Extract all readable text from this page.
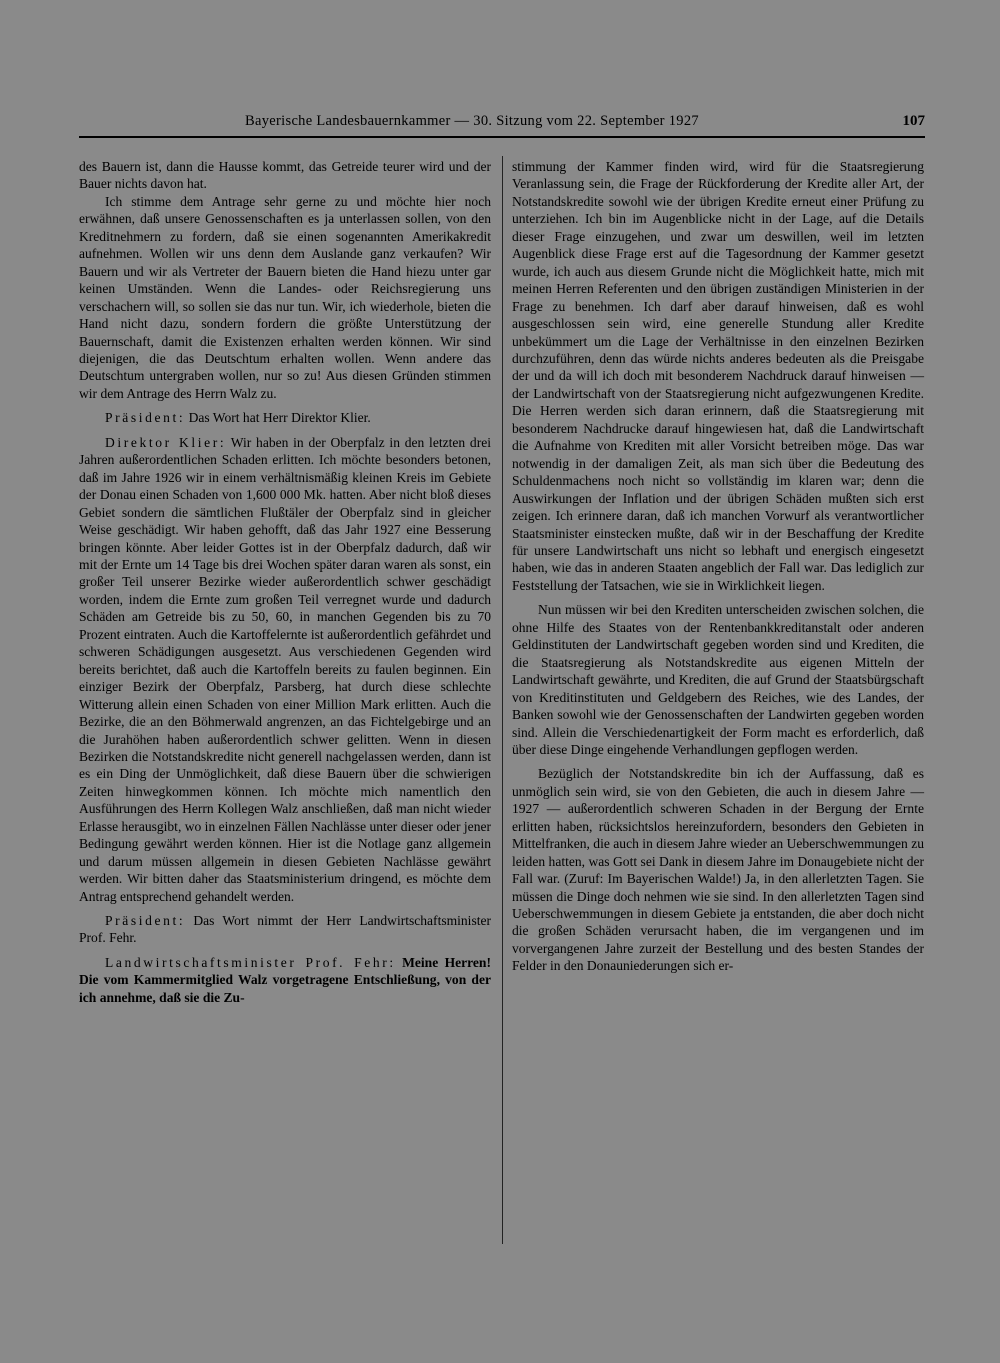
Bayerische Landesbauernkammer — 30. Sitzung vom 22. September 1927	107

des Bauern ist, dann die Hausse kommt, das Getreide teurer wird und der Bauer nichts davon hat.

Ich stimme dem Antrage sehr gerne zu und möchte hier noch erwähnen, daß unsere Genossenschaften es ja unterlassen sollen, von den Kreditnehmern zu fordern, daß sie einen sogenannten Amerikakredit aufnehmen. Wollen wir uns denn dem Auslande ganz verkaufen? Wir Bauern und wir als Vertreter der Bauern bieten die Hand hiezu unter gar keinen Umständen. Wenn die Landes- oder Reichsregierung uns verschachern will, so sollen sie das nur tun. Wir, ich wiederhole, bieten die Hand nicht dazu, sondern fordern die größte Unterstützung der Bauernschaft, damit die Existenzen erhalten werden können. Wir sind diejenigen, die das Deutschtum erhalten wollen. Wenn andere das Deutschtum untergraben wollen, nur so zu! Aus diesen Gründen stimmen wir dem Antrage des Herrn Walz zu.

Präsident: Das Wort hat Herr Direktor Klier.

Direktor Klier: Wir haben in der Oberpfalz in den letzten drei Jahren außerordentlichen Schaden erlitten. Ich möchte besonders betonen, daß im Jahre 1926 wir in einem verhältnismäßig kleinen Kreis im Gebiete der Donau einen Schaden von 1,600 000 Mk. hatten. Aber nicht bloß dieses Gebiet sondern die sämtlichen Flußtäler der Oberpfalz sind in gleicher Weise geschädigt. Wir haben gehofft, daß das Jahr 1927 eine Besserung bringen könnte. Aber leider Gottes ist in der Oberpfalz dadurch, daß wir mit der Ernte um 14 Tage bis drei Wochen später daran waren als sonst, ein großer Teil unserer Bezirke wieder außerordentlich schwer geschädigt worden, indem die Ernte zum großen Teil verregnet wurde und dadurch Schäden am Getreide bis zu 50, 60, in manchen Gegenden bis zu 70 Prozent eintraten. Auch die Kartoffelernte ist außerordentlich gefährdet und schweren Schädigungen ausgesetzt. Aus verschiedenen Gegenden wird bereits berichtet, daß auch die Kartoffeln bereits zu faulen beginnen. Ein einziger Bezirk der Oberpfalz, Parsberg, hat durch diese schlechte Witterung allein einen Schaden von einer Million Mark erlitten. Auch die Bezirke, die an den Böhmerwald angrenzen, an das Fichtelgebirge und an die Jurahöhen haben außerordentlich schwer gelitten. Wenn in diesen Bezirken die Notstandskredite nicht generell nachgelassen werden, dann ist es ein Ding der Unmöglichkeit, daß diese Bauern über die schwierigen Zeiten hinwegkommen können. Ich möchte mich namentlich den Ausführungen des Herrn Kollegen Walz anschließen, daß man nicht wieder Erlasse herausgibt, wo in einzelnen Fällen Nachlässe unter dieser oder jener Bedingung gewährt werden können. Hier ist die Notlage ganz allgemein und darum müssen allgemein in diesen Gebieten Nachlässe gewährt werden. Wir bitten daher das Staatsministerium dringend, es möchte dem Antrag entsprechend gehandelt werden.

Präsident: Das Wort nimmt der Herr Landwirtschaftsminister Prof. Fehr.

Landwirtschaftsminister Prof. Fehr: Meine Herren! Die vom Kammermitglied Walz vorgetragene Entschließung, von der ich annehme, daß sie die Zu-

stimmung der Kammer finden wird, wird für die Staatsregierung Veranlassung sein, die Frage der Rückforderung der Kredite aller Art, der Notstandskredite sowohl wie der übrigen Kredite erneut einer Prüfung zu unterziehen. Ich bin im Augenblicke nicht in der Lage, auf die Details dieser Frage einzugehen, und zwar um deswillen, weil im letzten Augenblick diese Frage erst auf die Tagesordnung der Kammer gesetzt wurde, ich auch aus diesem Grunde nicht die Möglichkeit hatte, mich mit meinen Herren Referenten und den übrigen zuständigen Ministerien in der Frage zu benehmen. Ich darf aber darauf hinweisen, daß es wohl ausgeschlossen sein wird, eine generelle Stundung aller Kredite unbekümmert um die Lage der Verhältnisse in den einzelnen Bezirken durchzuführen, denn das würde nichts anderes bedeuten als die Preisgabe der und da will ich doch mit besonderem Nachdruck darauf hinweisen — der Landwirtschaft von der Staatsregierung nicht aufgezwungenen Kredite. Die Herren werden sich daran erinnern, daß die Staatsregierung mit besonderem Nachdrucke darauf hingewiesen hat, daß die Landwirtschaft die Aufnahme von Krediten mit aller Vorsicht betreiben möge. Das war notwendig in der damaligen Zeit, als man sich über die Bedeutung des Schuldenmachens noch nicht so vollständig im klaren war; denn die Auswirkungen der Inflation und der übrigen Schäden mußten sich erst zeigen. Ich erinnere daran, daß ich manchen Vorwurf als verantwortlicher Staatsminister einstecken mußte, daß wir in der Beschaffung der Kredite für unsere Landwirtschaft uns nicht so lebhaft und energisch eingesetzt haben, wie das in anderen Staaten angeblich der Fall war. Das lediglich zur Feststellung der Tatsachen, wie sie in Wirklichkeit liegen.

Nun müssen wir bei den Krediten unterscheiden zwischen solchen, die ohne Hilfe des Staates von der Rentenbankkreditanstalt oder anderen Geldinstituten der Landwirtschaft gegeben worden sind und Krediten, die die Staatsregierung als Notstandskredite aus eigenen Mitteln der Landwirtschaft gewährte, und Krediten, die auf Grund der Staatsbürgschaft von Kreditinstituten und Geldgebern des Reiches, wie des Landes, der Banken sowohl wie der Genossenschaften der Landwirten gegeben worden sind. Allein die Verschiedenartigkeit der Form macht es erforderlich, daß über diese Dinge eingehende Verhandlungen gepflogen werden.

Bezüglich der Notstandskredite bin ich der Auffassung, daß es unmöglich sein wird, sie von den Gebieten, die auch in diesem Jahre — 1927 — außerordentlich schweren Schaden in der Bergung der Ernte erlitten haben, rücksichtslos hereinzufordern, besonders den Gebieten in Mittelfranken, die auch in diesem Jahre wieder an Ueberschwemmungen zu leiden hatten, was Gott sei Dank in diesem Jahre im Donaugebiete nicht der Fall war. (Zuruf: Im Bayerischen Walde!) Ja, in den allerletzten Tagen. Sie müssen die Dinge doch nehmen wie sie sind. In den allerletzten Tagen sind Ueberschwemmungen in diesem Gebiete ja entstanden, die aber doch nicht die großen Schäden verursacht haben, die im vergangenen und im vorvergangenen Jahre zurzeit der Bestellung und des besten Standes der Felder in den Donauniederungen sich er-
